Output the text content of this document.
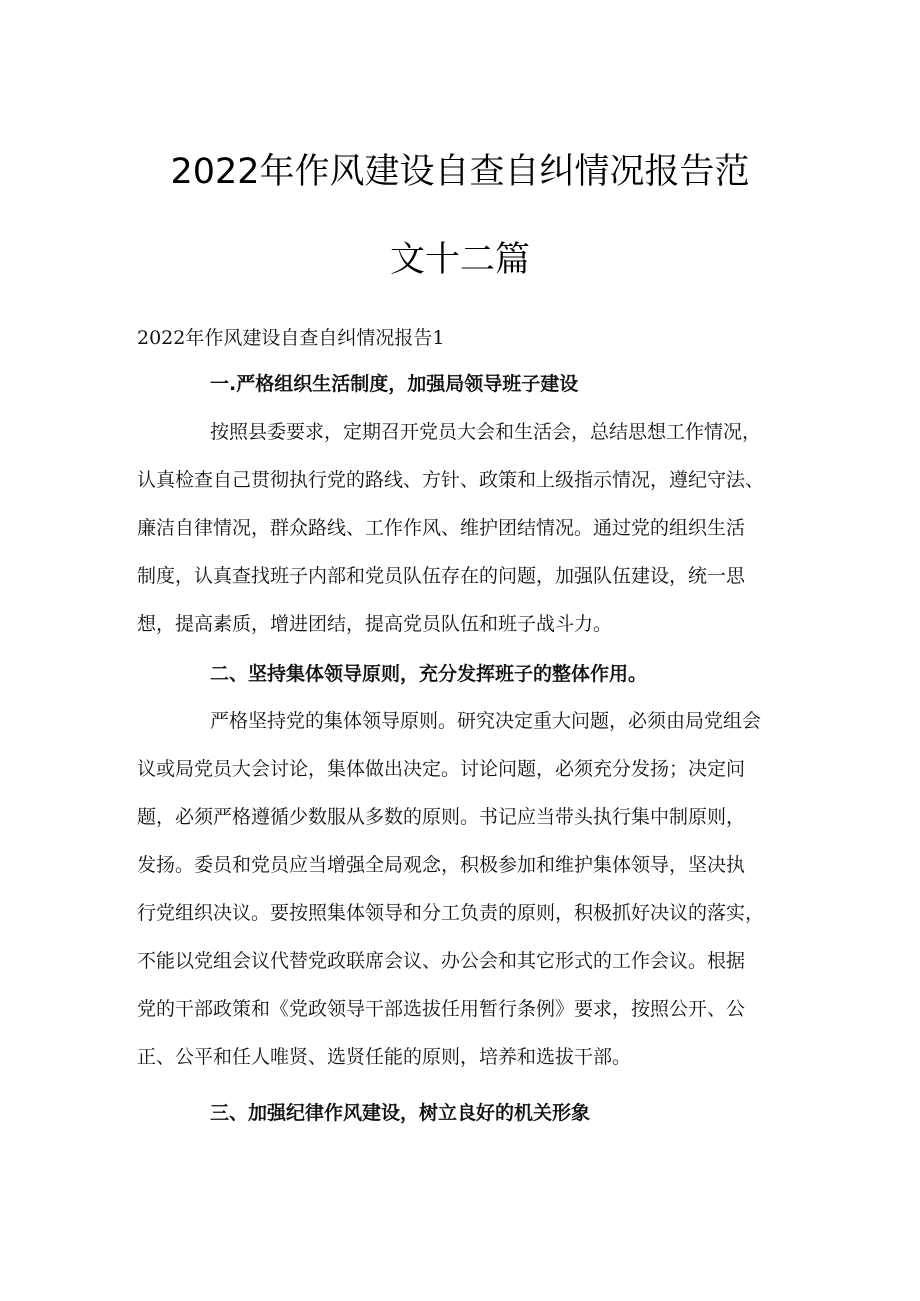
2022年作风建设自查自纠情况报告范
文十二篇
2022年作风建设自查自纠情况报告1
一.严格组织生活制度，加强局领导班子建设
按照县委要求，定期召开党员大会和生活会，总结思想工作情况，
认真检查自己贯彻执行党的路线、方针、政策和上级指示情况，遵纪守法、
廉洁自律情况，群众路线、工作作风、维护团结情况。通过党的组织生活
制度，认真查找班子内部和党员队伍存在的问题，加强队伍建设，统一思
想，提高素质，增进团结，提高党员队伍和班子战斗力。
二、坚持集体领导原则，充分发挥班子的整体作用。
严格坚持党的集体领导原则。研究决定重大问题，必须由局党组会
议或局党员大会讨论，集体做出决定。讨论问题，必须充分发扬；决定问
题，必须严格遵循少数服从多数的原则。书记应当带头执行集中制原则，
发扬。委员和党员应当增强全局观念，积极参加和维护集体领导，坚决执
行党组织决议。要按照集体领导和分工负责的原则，积极抓好决议的落实，
不能以党组会议代替党政联席会议、办公会和其它形式的工作会议。根据
党的干部政策和《党政领导干部选拔任用暂行条例》要求，按照公开、公
正、公平和任人唯贤、选贤任能的原则，培养和选拔干部。
三、加强纪律作风建设，树立良好的机关形象
